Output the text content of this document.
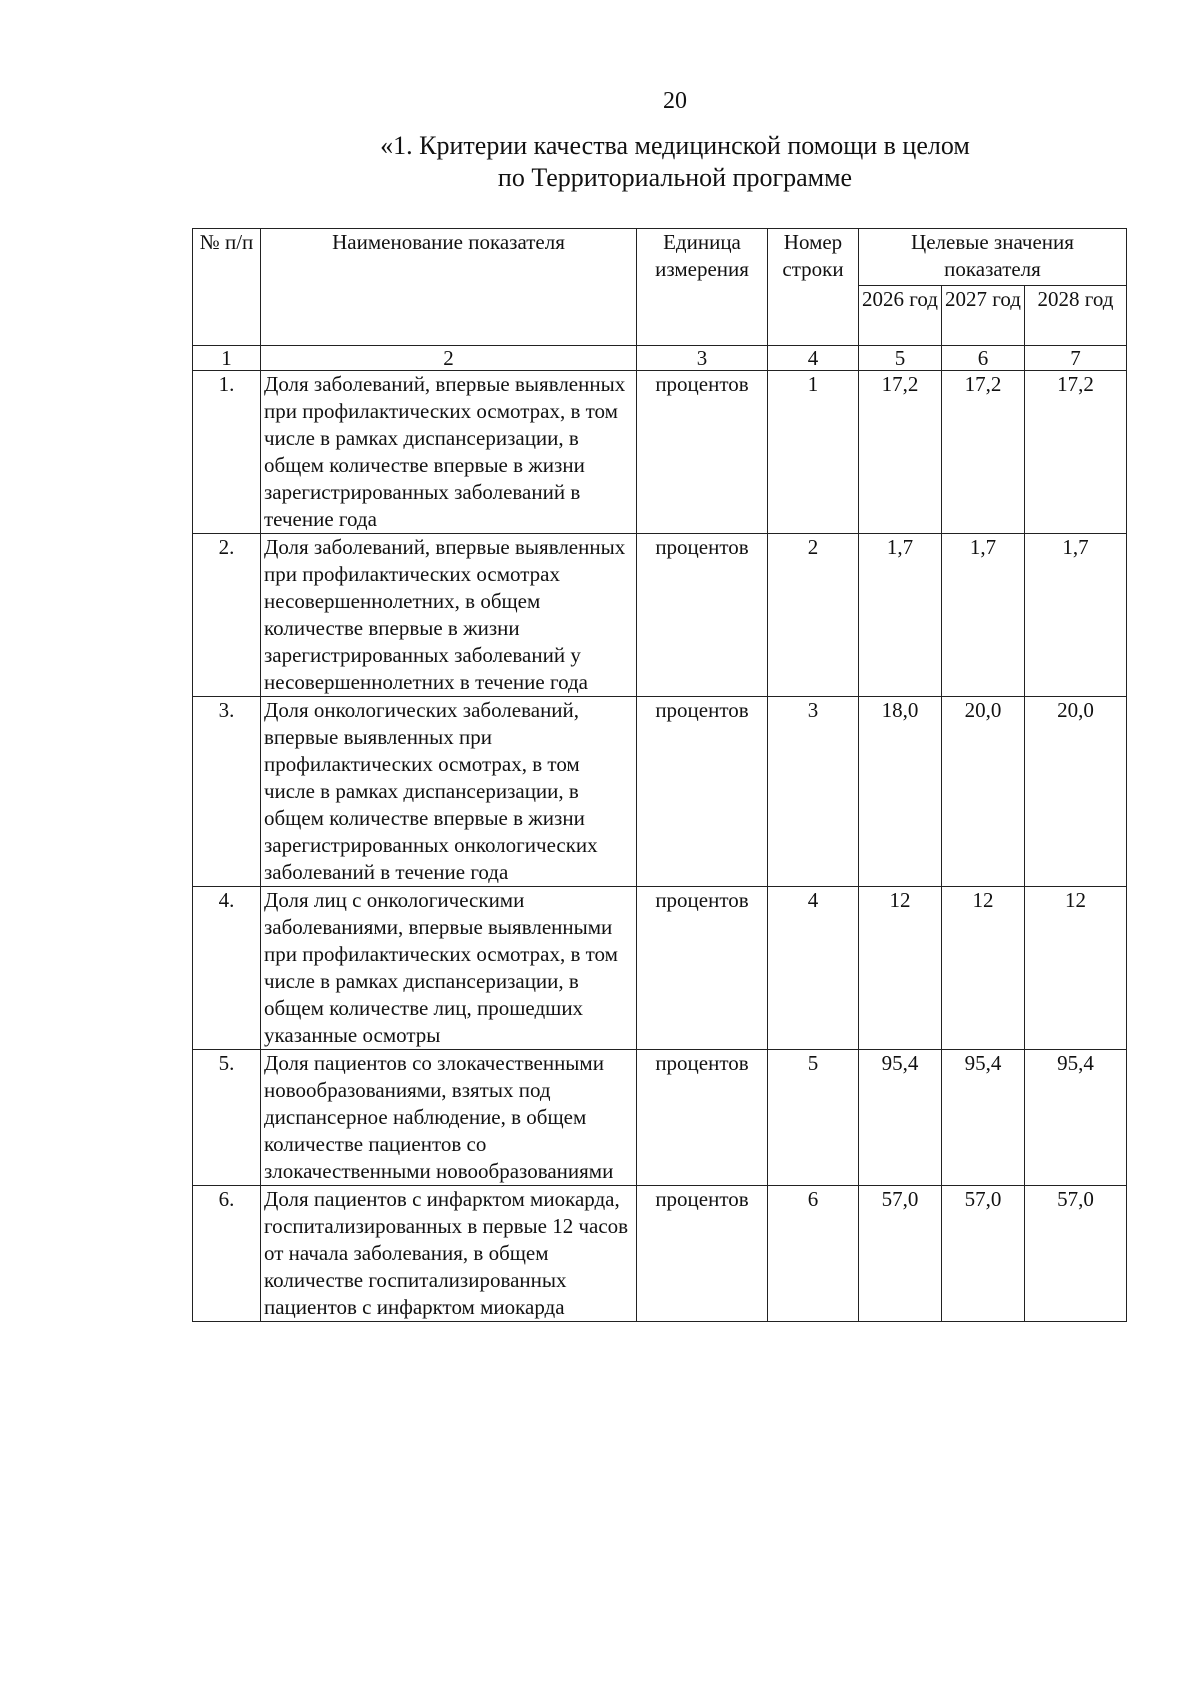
20
«1. Критерии качества медицинской помощи в целом
по Территориальной программе
№ п/п	Наименование показателя	Единица измерения	Номер строки	Целевые значения показателя		
				2026 год	2027 год	2028 год
1	2	3	4	5	6	7
1.	Доля заболеваний, впервые выявленных при профилактических осмотрах, в том числе в рамках диспансеризации, в общем количестве впервые в жизни зарегистрированных заболеваний в течение года	процентов	1	17,2	17,2	17,2
2.	Доля заболеваний, впервые выявленных при профилактических осмотрах несовершеннолетних, в общем количестве впервые в жизни зарегистрированных заболеваний у несовершеннолетних в течение года	процентов	2	1,7	1,7	1,7
3.	Доля онкологических заболеваний, впервые выявленных при профилактических осмотрах, в том числе в рамках диспансеризации, в общем количестве впервые в жизни зарегистрированных онкологических заболеваний в течение года	процентов	3	18,0	20,0	20,0
4.	Доля лиц с онкологическими заболеваниями, впервые выявленными при профилактических осмотрах, в том числе в рамках диспансеризации, в общем количестве лиц, прошедших указанные осмотры	процентов	4	12	12	12
5.	Доля пациентов со злокачественными новообразованиями, взятых под диспансерное наблюдение, в общем количестве пациентов со злокачественными новообразованиями	процентов	5	95,4	95,4	95,4
6.	Доля пациентов с инфарктом миокарда, госпитализированных в первые 12 часов от начала заболевания, в общем количестве госпитализированных пациентов с инфарктом миокарда	процентов	6	57,0	57,0	57,0
